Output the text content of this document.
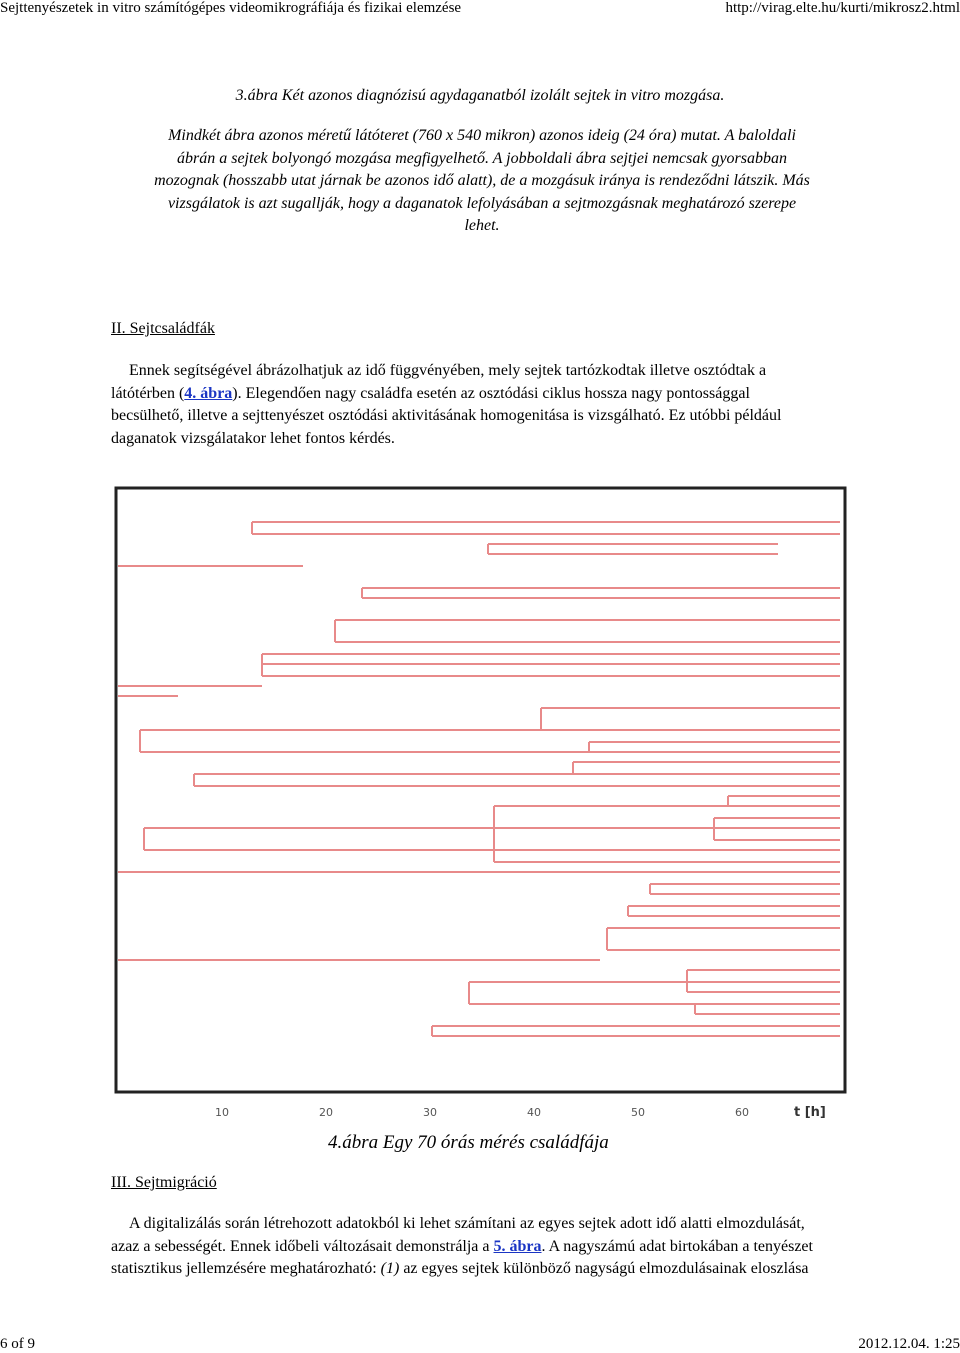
Sejttenyészetek in vitro számítógépes videomikrográfiája és fizikai elemzése	http://virag.elte.hu/kurti/mikrosz2.html
3.ábra Két azonos diagnózisú agydaganatból izolált sejtek in vitro mozgása.
Mindkét ábra azonos méretű látóteret (760 x 540 mikron) azonos ideig (24 óra) mutat. A baloldali
ábrán a sejtek bolyongó mozgása megfigyelhető. A jobboldali ábra sejtjei nemcsak gyorsabban
mozognak (hosszabb utat járnak be azonos idő alatt), de a mozgásuk iránya is rendeződni látszik. Más
vizsgálatok is azt sugallják, hogy a daganatok lefolyásában a sejtmozgásnak meghatározó szerepe
lehet.
II. Sejtcsaládfák
Ennek segítségével ábrázolhatjuk az idő függvényében, mely sejtek tartózkodtak illetve osztódtak a
látótérben (4. ábra). Elegendően nagy családfa esetén az osztódási ciklus hossza nagy pontossággal
becsülhető, illetve a sejttenyészet osztódási aktivitásának homogenitása is vizsgálható. Ez utóbbi például
daganatok vizsgálatakor lehet fontos kérdés.
10	20	30	40	50	60	t [h]
4.ábra Egy 70 órás mérés családfája
III. Sejtmigráció
A digitalizálás során létrehozott adatokból ki lehet számítani az egyes sejtek adott idő alatti elmozdulását,
azaz a sebességét. Ennek időbeli változásait demonstrálja a 5. ábra. A nagyszámú adat birtokában a tenyészet
statisztikus jellemzésére meghatározható: (1) az egyes sejtek különböző nagyságú elmozdulásainak eloszlása
6 of 9	2012.12.04. 1:25
